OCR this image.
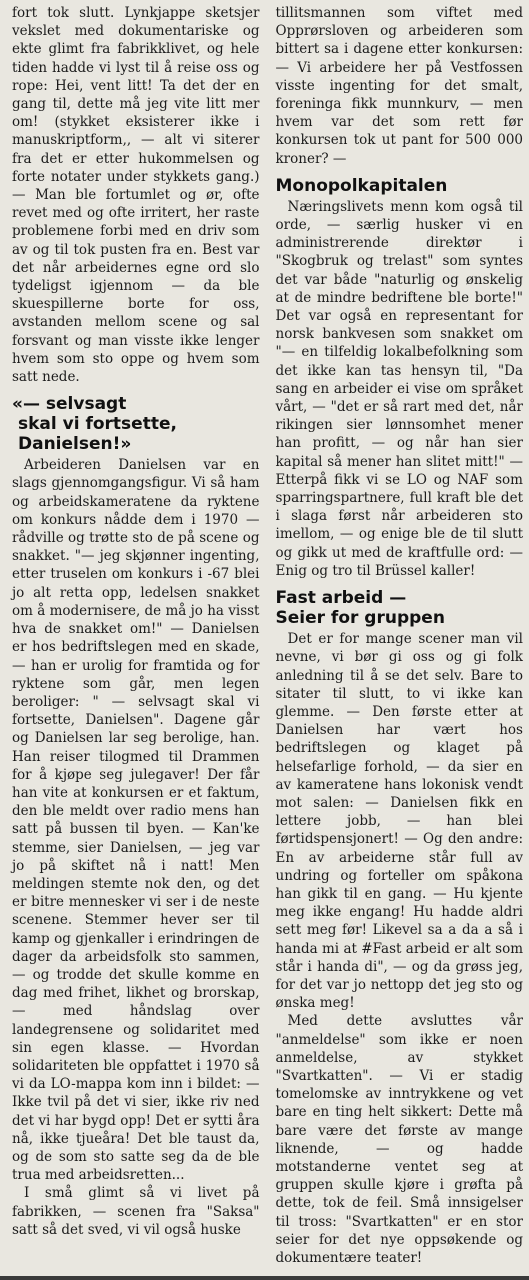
fort tok slutt. Lynkjappe sketsjer vekslet med dokumentariske og ekte glimt fra fabrikklivet, og hele tiden hadde vi lyst til å reise oss og rope: Hei, vent litt! Ta det der en gang til, dette må jeg vite litt mer om! (stykket eksisterer ikke i manuskriptform,, — alt vi siterer fra det er etter hukommelsen og forte notater under stykkets gang.) — Man ble fortumlet og ør, ofte revet med og ofte irritert, her raste problemene forbi med en driv som av og til tok pusten fra en. Best var det når arbeidernes egne ord slo tydeligst igjennom — da ble skuespillerne borte for oss, avstanden mellom scene og sal forsvant og man visste ikke lenger hvem som sto oppe og hvem som satt nede.

«— selvsagt
skal vi fortsette,
Danielsen!»

Arbeideren Danielsen var en slags gjennomgangsfigur. Vi så ham og arbeidskameratene da ryktene om konkurs nådde dem i 1970 — rådville og trøtte sto de på scene og snakket. "— jeg skjønner ingenting, etter truselen om konkurs i -67 blei jo alt retta opp, ledelsen snakket om å modernisere, de må jo ha visst hva de snakket om!" — Danielsen er hos bedriftslegen med en skade, — han er urolig for framtida og for ryktene som går, men legen beroliger: " — selvsagt skal vi fortsette, Danielsen". Dagene går og Danielsen lar seg berolige, han. Han reiser tilogmed til Drammen for å kjøpe seg julegaver! Der får han vite at konkursen er et faktum, den ble meldt over radio mens han satt på bussen til byen. — Kan'ke stemme, sier Danielsen, — jeg var jo på skiftet nå i natt! Men meldingen stemte nok den, og det er bitre mennesker vi ser i de neste scenene. Stemmer hever ser til kamp og gjenkaller i erindringen de dager da arbeidsfolk sto sammen, — og trodde det skulle komme en dag med frihet, likhet og brorskap, — med håndslag over landegrensene og solidaritet med sin egen klasse. — Hvordan solidariteten ble oppfattet i 1970 så vi da LO-mappa kom inn i bildet: — Ikke tvil på det vi sier, ikke riv ned det vi har bygd opp! Det er sytti åra nå, ikke tjueåra! Det ble taust da, og de som sto satte seg da de ble trua med arbeidsretten...

I små glimt så vi livet på fabrikken, — scenen fra "Saksa" satt så det sved, vi vil også huske

tillitsmannen som viftet med Opprørsloven og arbeideren som bittert sa i dagene etter konkursen: — Vi arbeidere her på Vestfossen visste ingenting for det smalt, foreninga fikk munnkurv, — men hvem var det som rett før konkursen tok ut pant for 500 000 kroner? —

Monopolkapitalen

Næringslivets menn kom også til orde, — særlig husker vi en administrerende direktør i "Skogbruk og trelast" som syntes det var både "naturlig og ønskelig at de mindre bedriftene ble borte!" Det var også en representant for norsk bankvesen som snakket om "— en tilfeldig lokalbefolkning som det ikke kan tas hensyn til, "Da sang en arbeider ei vise om språket vårt, — "det er så rart med det, når rikingen sier lønnsomhet mener han profitt, — og når han sier kapital så mener han slitet mitt!" — Etterpå fikk vi se LO og NAF som sparringspartnere, full kraft ble det i slaga først når arbeideren sto imellom, — og enige ble de til slutt og gikk ut med de kraftfulle ord: — Enig og tro til Brüssel kaller!

Fast arbeid —
Seier for gruppen

Det er for mange scener man vil nevne, vi bør gi oss og gi folk anledning til å se det selv. Bare to sitater til slutt, to vi ikke kan glemme. — Den første etter at Danielsen har vært hos bedriftslegen og klaget på helsefarlige forhold, — da sier en av kameratene hans lokonisk vendt mot salen: — Danielsen fikk en lettere jobb, — han blei førtidspensjonert! — Og den andre: En av arbeiderne står full av undring og forteller om spåkona han gikk til en gang. — Hu kjente meg ikke engang! Hu hadde aldri sett meg før! Likevel sa a da a så i handa mi at #Fast arbeid er alt som står i handa di", — og da grøss jeg, for det var jo nettopp det jeg sto og ønska meg!

Med dette avsluttes vår "anmeldelse" som ikke er noen anmeldelse, av stykket "Svartkatten". — Vi er stadig tomelomske av inntrykkene og vet bare en ting helt sikkert: Dette må bare være det første av mange liknende, — og hadde motstanderne ventet seg at gruppen skulle kjøre i grøfta på dette, tok de feil. Små innsigelser til tross: "Svartkatten" er en stor seier for det nye oppsøkende og dokumentære teater!
